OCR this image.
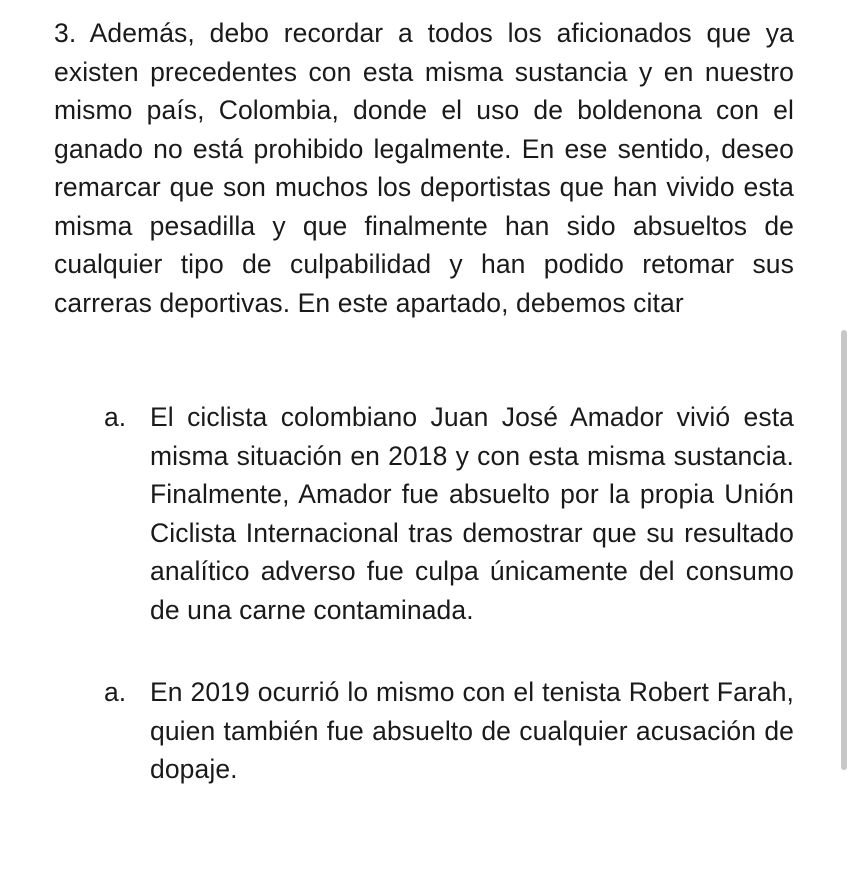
3. Además, debo recordar a todos los aficionados que ya existen precedentes con esta misma sustancia y en nuestro mismo país, Colombia, donde el uso de boldenona con el ganado no está prohibido legalmente. En ese sentido, deseo remarcar que son muchos los deportistas que han vivido esta misma pesadilla y que finalmente han sido absueltos de cualquier tipo de culpabilidad y han podido retomar sus carreras deportivas. En este apartado, debemos citar

a. El ciclista colombiano Juan José Amador vivió esta misma situación en 2018 y con esta misma sustancia. Finalmente, Amador fue absuelto por la propia Unión Ciclista Internacional tras demostrar que su resultado analítico adverso fue culpa únicamente del consumo de una carne contaminada.
a. En 2019 ocurrió lo mismo con el tenista Robert Farah, quien también fue absuelto de cualquier acusación de dopaje.
